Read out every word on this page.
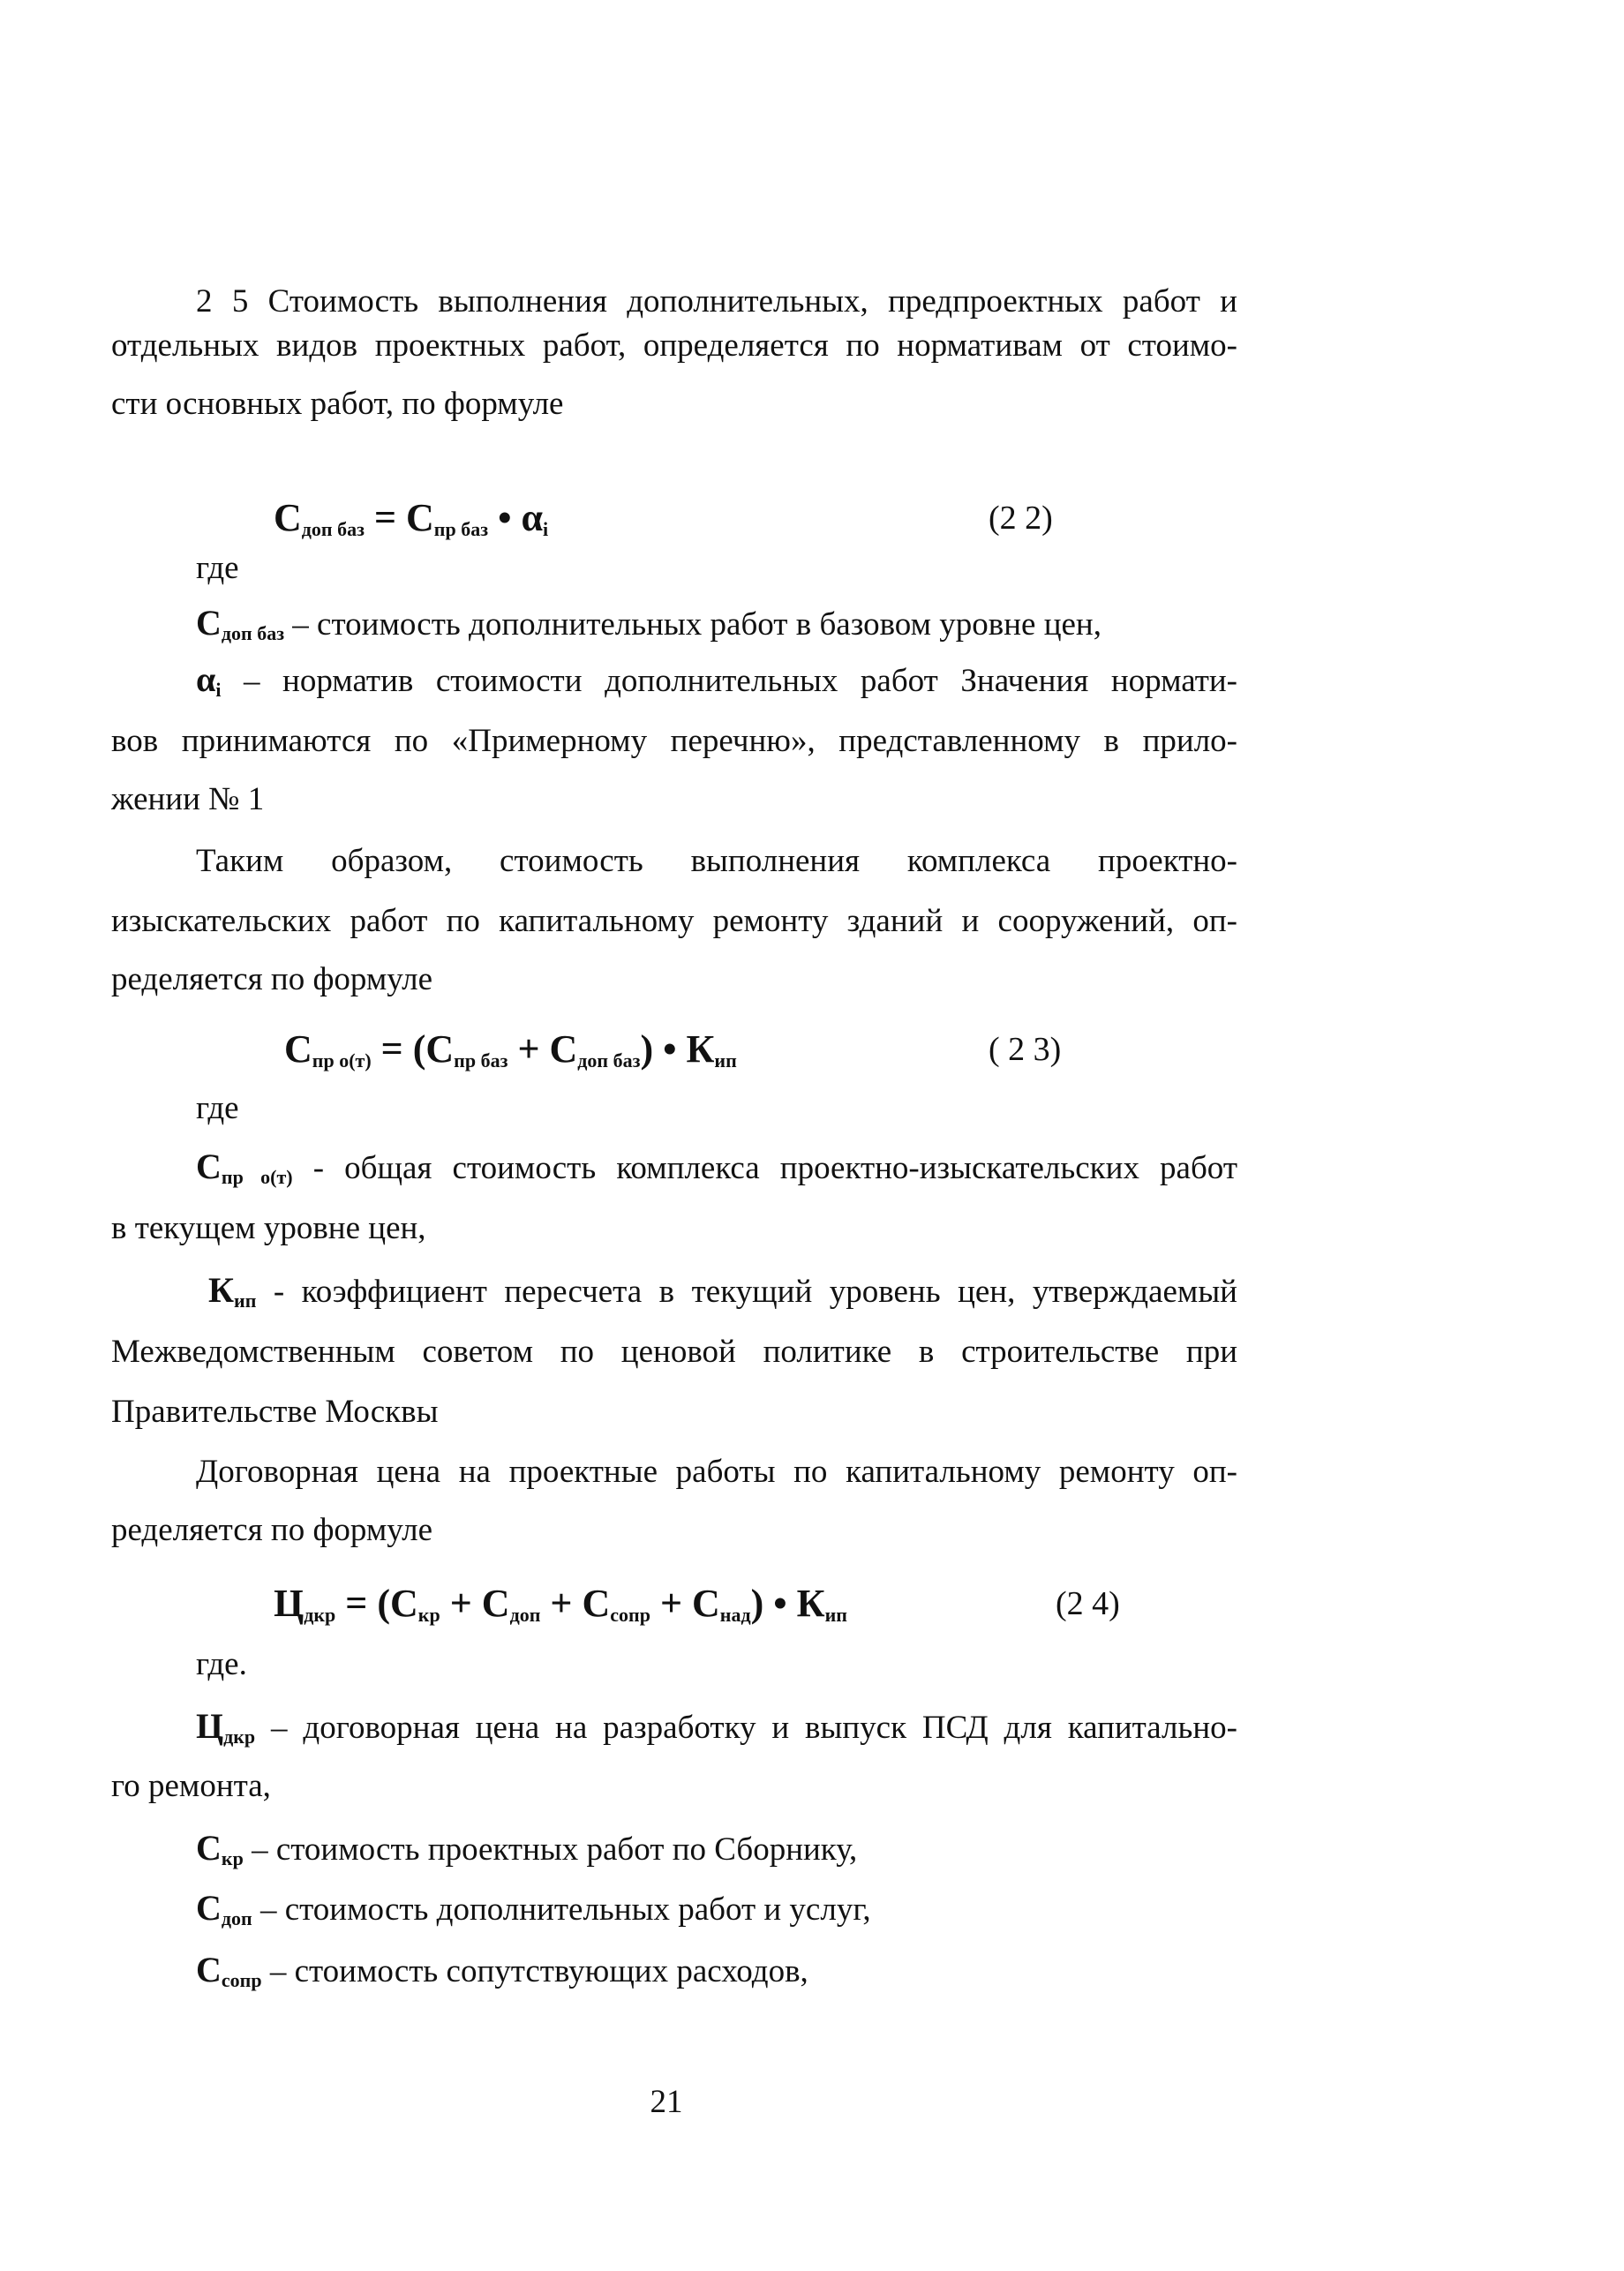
2 5 Стоимость выполнения дополнительных, предпроектных работ и
отдельных видов проектных работ, определяется по нормативам от стоимо-
сти основных работ, по формуле
$С_{доп баз} = С_{пр баз}$ • $\alpha_i$	(2 2)
где
$С_{доп баз}$ – стоимость дополнительных работ в базовом уровне цен,
$\alpha_i$ – норматив стоимости дополнительных работ Значения нормати-
вов принимаются по «Примерному перечню», представленному в прило-
жении № 1
Таким образом, стоимость выполнения комплекса проектно-
изыскательских работ по капитальному ремонту зданий и сооружений, оп-
ределяется по формуле
$С_{пр о(т)} = (С_{пр баз} + С_{доп баз})$ • $К_{ип}$	( 2 3)
где
$С_{пр о(т)}$ - общая стоимость комплекса проектно-изыскательских работ
в текущем уровне цен,
$К_{ип}$ - коэффициент пересчета в текущий уровень цен, утверждаемый
Межведомственным советом по ценовой политике в строительстве при
Правительстве Москвы
Договорная цена на проектные работы по капитальному ремонту оп-
ределяется по формуле
$Ц_{дкр} = (С_{кр} + С_{доп} + С_{сопр} + С_{над})$ • $К_{ип}$	(2 4)
где.
$Ц_{дкр}$ – договорная цена на разработку и выпуск ПСД для капитально-
го ремонта,
$С_{кр}$ – стоимость проектных работ по Сборнику,
$С_{доп}$ – стоимость дополнительных работ и услуг,
$С_{сопр}$ – стоимость сопутствующих расходов,
21
